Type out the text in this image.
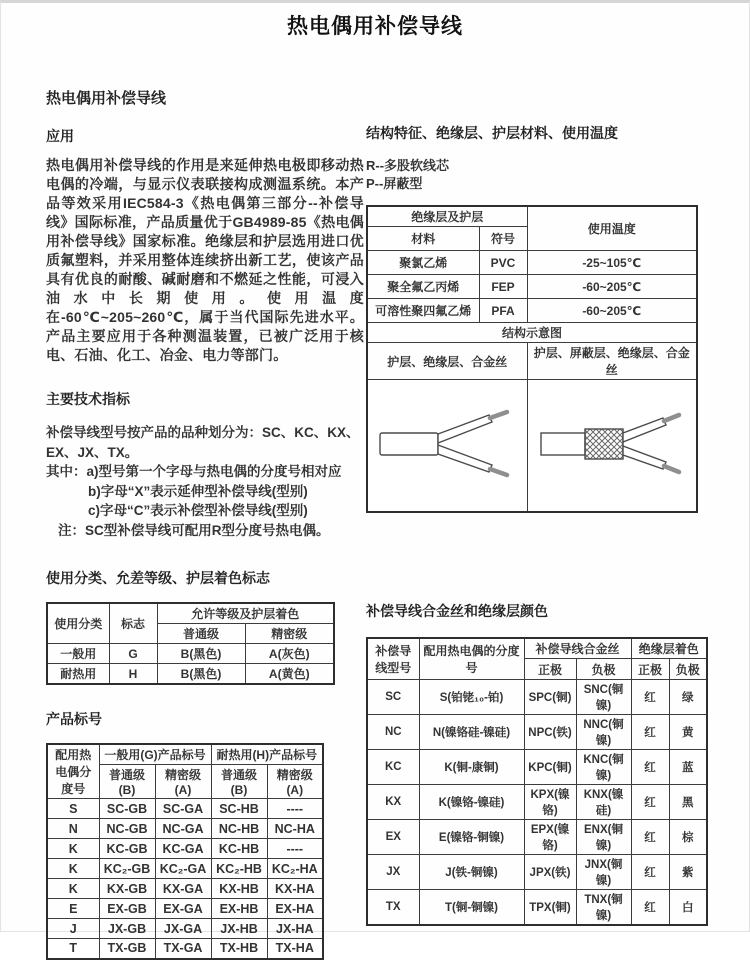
热电偶用补偿导线
热电偶用补偿导线
应用
热电偶用补偿导线的作用是来延伸热电极即移动热电偶的冷端，与显示仪表联接构成测温系统。本产品等效采用IEC584-3《热电偶第三部分--补偿导线》国际标准，产品质量优于GB4989-85《热电偶用补偿导线》国家标准。绝缘层和护层选用进口优质氟塑料，并采用整体连续挤出新工艺，使该产品具有优良的耐酸、碱耐磨和不燃延之性能，可浸入油水中长期使用。使用温度在-60℃~205~260℃，属于当代国际先进水平。产品主要应用于各种测温装置，已被广泛用于核电、石油、化工、冶金、电力等部门。
主要技术指标
补偿导线型号按产品的品种划分为：SC、KC、KX、EX、JX、TX。
其中：a)型号第一个字母与热电偶的分度号相对应
b)字母“X”表示延伸型补偿导线(型别)
c)字母“C”表示补偿型补偿导线(型别)
注：SC型补偿导线可配用R型分度号热电偶。
使用分类、允差等级、护层着色标志
使用分类	标志	允许等级及护层着色	
		普通级	精密级
一般用	G	B(黑色)	A(灰色)
耐热用	H	B(黑色)	A(黄色)
产品标号
配用热电偶分度号	一般用(G)产品标号		耐热用(H)产品标号	
	普通级(B)	精密级(A)	普通级(B)	精密级(A)
S	SC-GB	SC-GA	SC-HB	----
N	NC-GB	NC-GA	NC-HB	NC-HA
K	KC-GB	KC-GA	KC-HB	----
K	KC₂-GB	KC₂-GA	KC₂-HB	KC₂-HA
K	KX-GB	KX-GA	KX-HB	KX-HA
E	EX-GB	EX-GA	EX-HB	EX-HA
J	JX-GB	JX-GA	JX-HB	JX-HA
T	TX-GB	TX-GA	TX-HB	TX-HA
结构特征、绝缘层、护层材料、使用温度
R--多股软线芯
P--屏蔽型
绝缘层及护层		使用温度
材料	符号	
聚氯乙烯	PVC	-25~105℃
聚全氟乙丙烯	FEP	-60~205℃
可溶性聚四氟乙烯	PFA	-60~205℃
结构示意图		
护层、绝缘层、合金丝		护层、屏蔽层、绝缘层、合金丝

补偿导线合金丝和绝缘层颜色
补偿导线型号	配用热电偶的分度号	补偿导线合金丝		绝缘层着色	
		正极	负极	正极	负极
SC	S(铂铑₁₀-铂)	SPC(铜)	SNC(铜镍)	红	绿
NC	N(镍铬硅-镍硅)	NPC(铁)	NNC(铜镍)	红	黄
KC	K(铜-康铜)	KPC(铜)	KNC(铜镍)	红	蓝
KX	K(镍铬-镍硅)	KPX(镍铬)	KNX(镍硅)	红	黑
EX	E(镍铬-铜镍)	EPX(镍铬)	ENX(铜镍)	红	棕
JX	J(铁-铜镍)	JPX(铁)	JNX(铜镍)	红	紫
TX	T(铜-铜镍)	TPX(铜)	TNX(铜镍)	红	白
